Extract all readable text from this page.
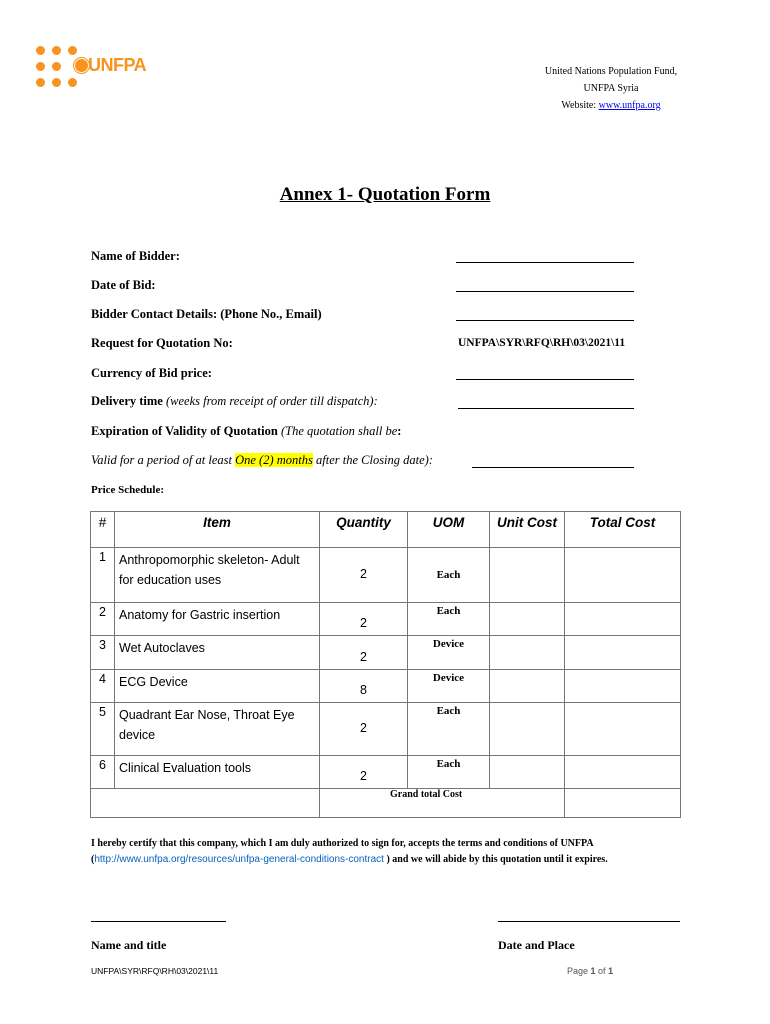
UNFPA	United Nations Population Fund,
UNFPA Syria
Website: www.unfpa.org
Annex 1- Quotation Form
Name of Bidder:
Date of Bid:
Bidder Contact Details: (Phone No., Email)
Request for Quotation No:	UNFPA\SYR\RFQ\RH\03\2021\11
Currency of Bid price:
Delivery time (weeks from receipt of order till dispatch):
Expiration of Validity of Quotation (The quotation shall be:
Valid for a period of at least One (2) months after the Closing date):
Price Schedule:
#	Item	Quantity	UOM	Unit Cost	Total Cost
1	Anthropomorphic skeleton- Adult for education uses	2	Each		
2	Anatomy for Gastric insertion	2	Each		
3	Wet Autoclaves	2	Device		
4	ECG Device	8	Device		
5	Quadrant Ear Nose, Throat Eye device	2	Each		
6	Clinical Evaluation tools	2	Each		
		Grand total Cost			
I hereby certify that this company, which I am duly authorized to sign for, accepts the terms and conditions of UNFPA (http://www.unfpa.org/resources/unfpa-general-conditions-contract ) and we will abide by this quotation until it expires.
Name and title	Date and Place
UNFPA\SYR\RFQ\RH\03\2021\11	Page 1 of 1
